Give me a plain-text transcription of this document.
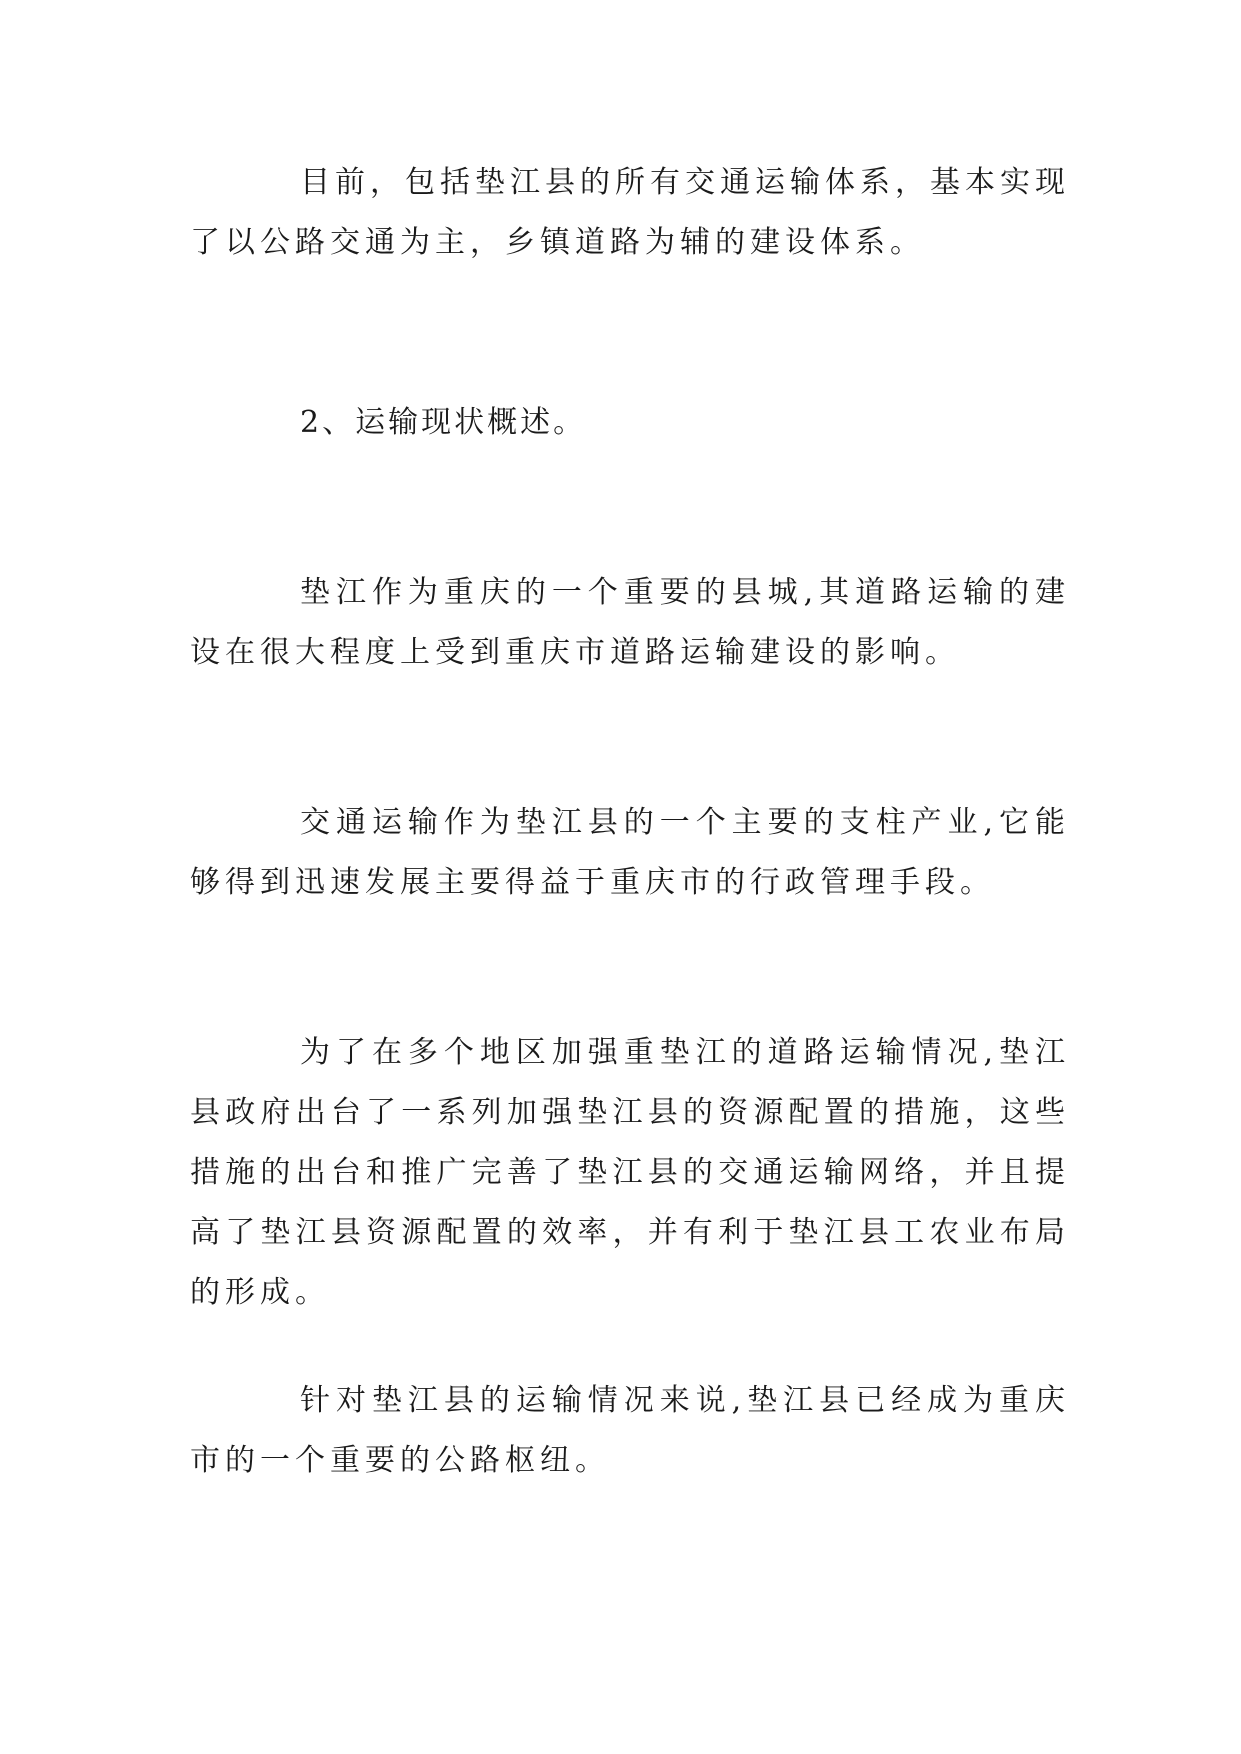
目前，包括垫江县的所有交通运输体系，基本实现了以公路交通为主，乡镇道路为辅的建设体系。

2、运输现状概述。

垫江作为重庆的一个重要的县城,其道路运输的建设在很大程度上受到重庆市道路运输建设的影响。

交通运输作为垫江县的一个主要的支柱产业,它能够得到迅速发展主要得益于重庆市的行政管理手段。

为了在多个地区加强重垫江的道路运输情况,垫江县政府出台了一系列加强垫江县的资源配置的措施，这些措施的出台和推广完善了垫江县的交通运输网络，并且提高了垫江县资源配置的效率，并有利于垫江县工农业布局的形成。

针对垫江县的运输情况来说,垫江县已经成为重庆市的一个重要的公路枢纽。
